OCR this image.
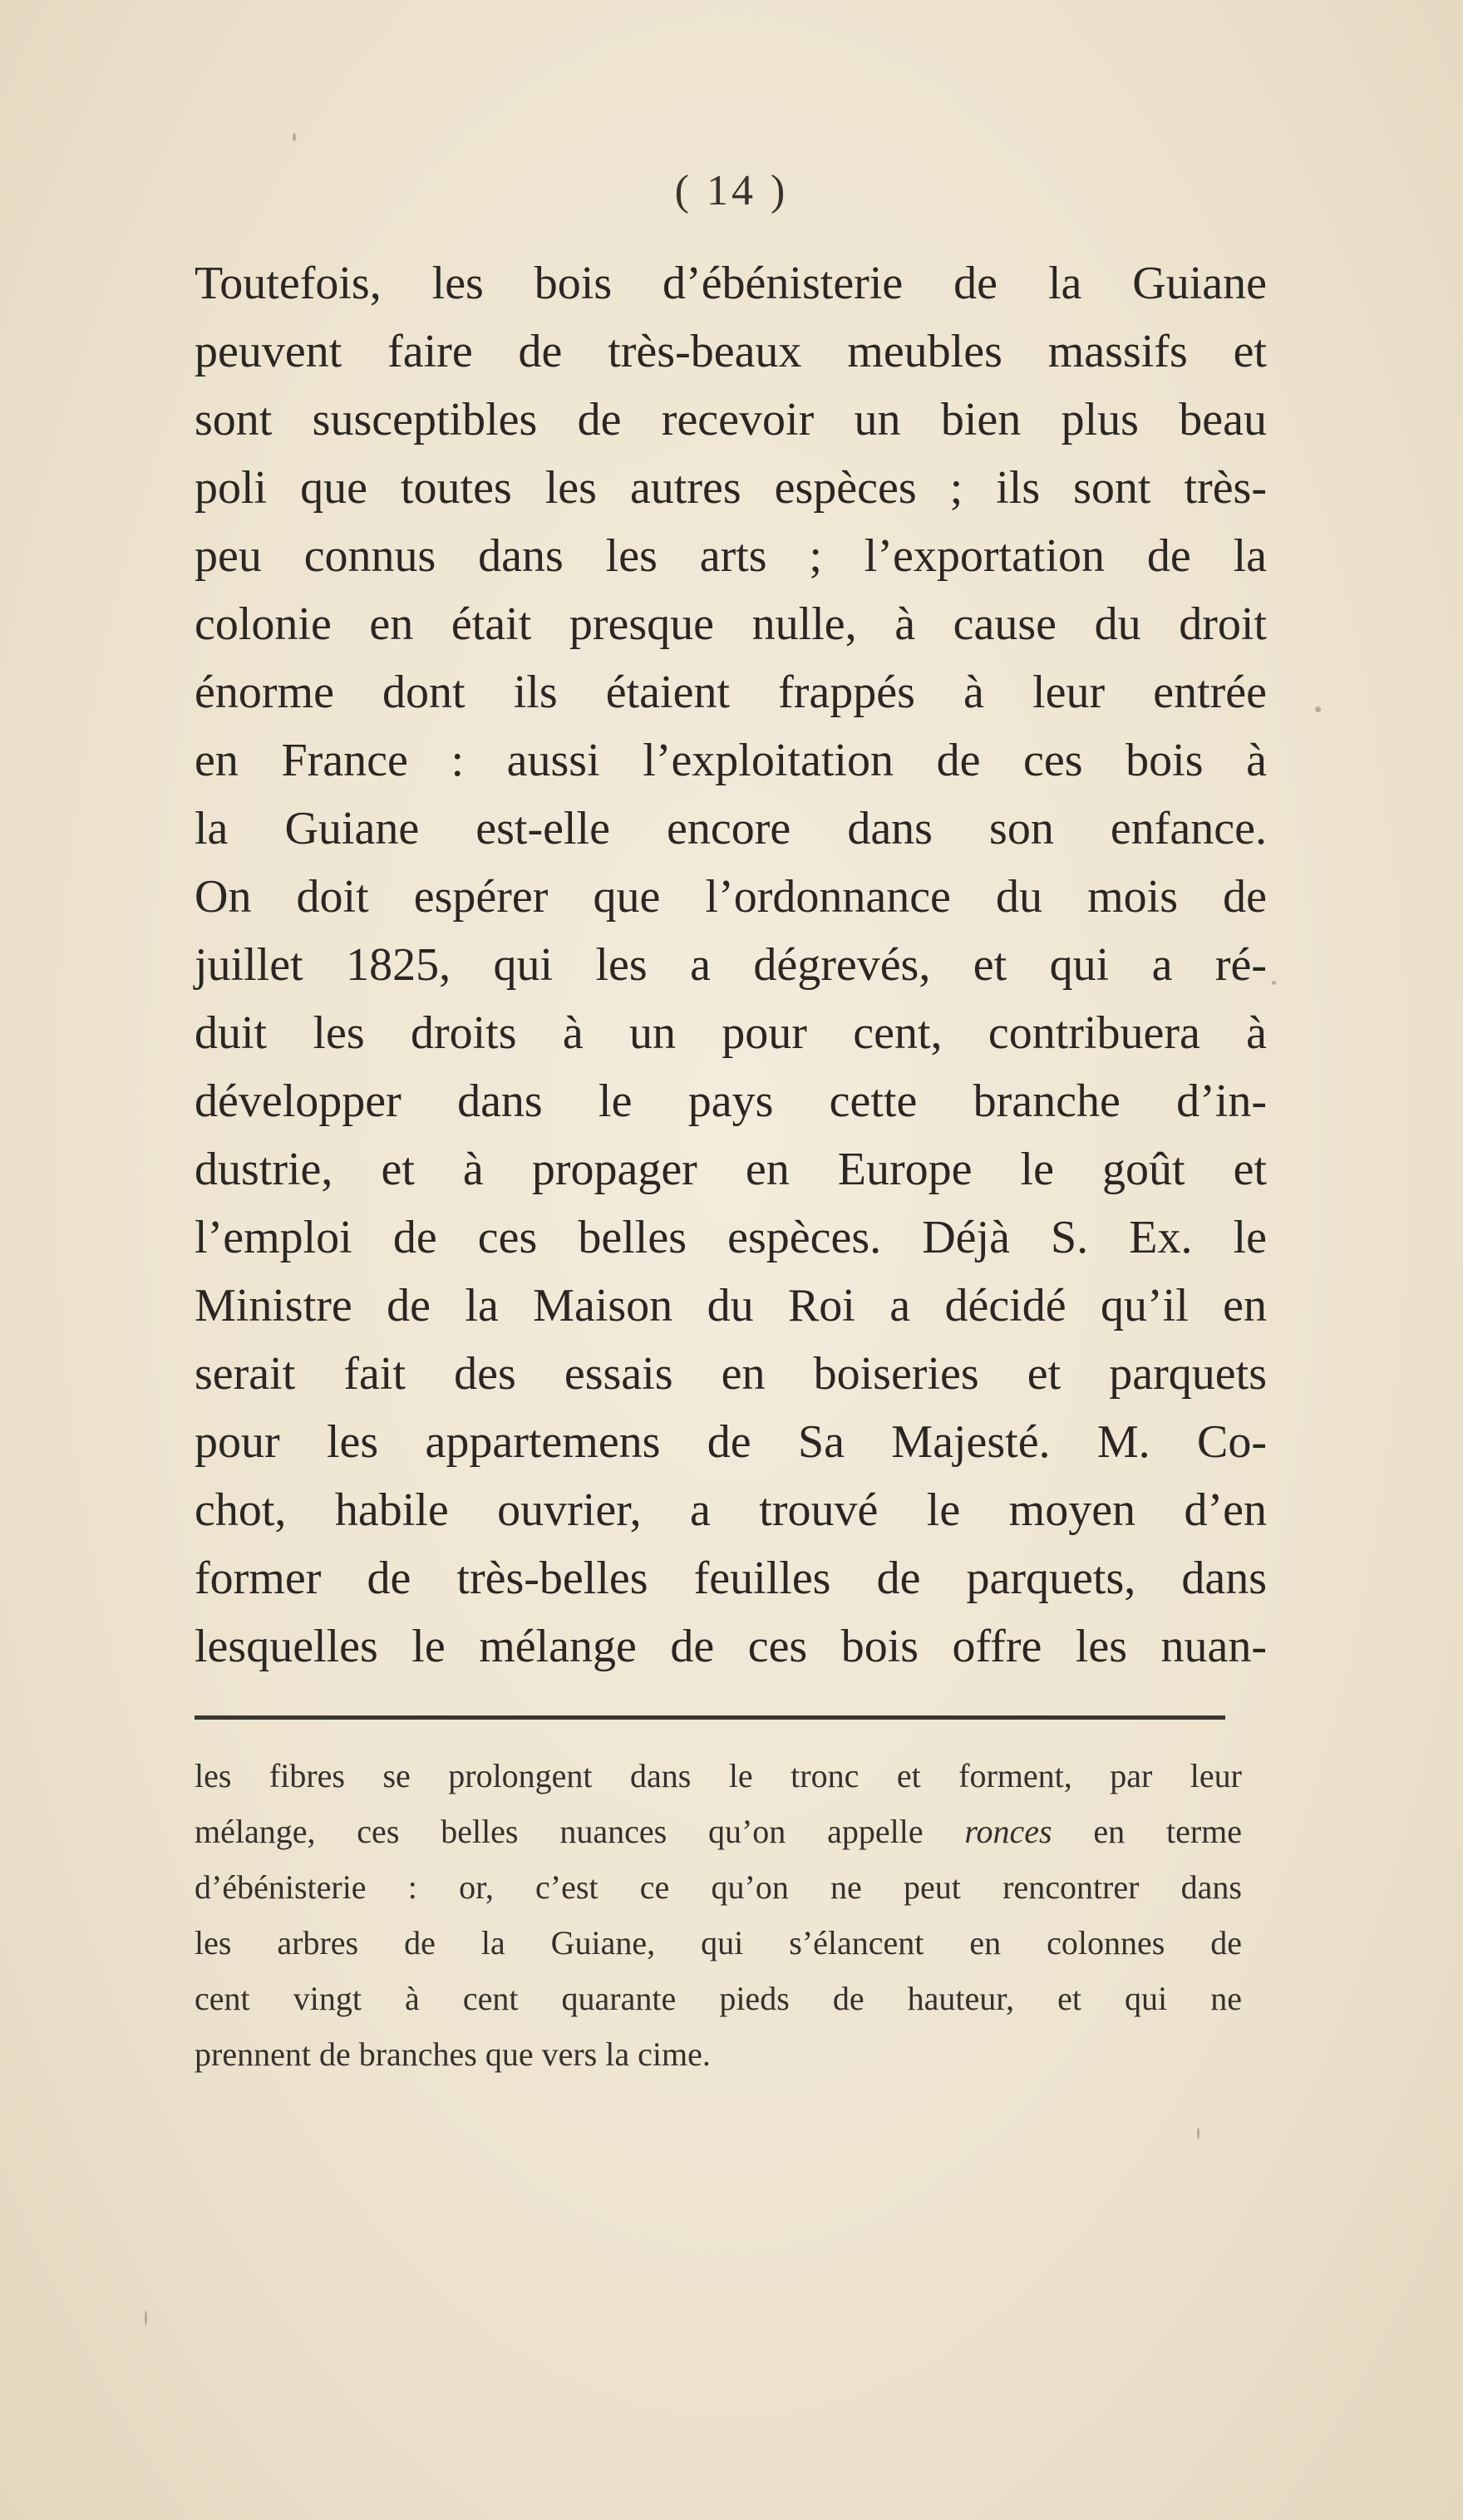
( 14 )
Toutefois, les bois d’ébénisterie de la Guiane
peuvent faire de très-beaux meubles massifs et
sont susceptibles de recevoir un bien plus beau
poli que toutes les autres espèces ; ils sont très-
peu connus dans les arts ; l’exportation de la
colonie en était presque nulle, à cause du droit
énorme dont ils étaient frappés à leur entrée
en France : aussi l’exploitation de ces bois à
la Guiane est-elle encore dans son enfance.
On doit espérer que l’ordonnance du mois de
juillet 1825, qui les a dégrevés, et qui a ré-
duit les droits à un pour cent, contribuera à
développer dans le pays cette branche d’in-
dustrie, et à propager en Europe le goût et
l’emploi de ces belles espèces. Déjà S. Ex. le
Ministre de la Maison du Roi a décidé qu’il en
serait fait des essais en boiseries et parquets
pour les appartemens de Sa Majesté. M. Co-
chot, habile ouvrier, a trouvé le moyen d’en
former de très-belles feuilles de parquets, dans
lesquelles le mélange de ces bois offre les nuan-
les fibres se prolongent dans le tronc et forment, par leur
mélange, ces belles nuances qu’on appelle ronces en terme
d’ébénisterie : or, c’est ce qu’on ne peut rencontrer dans
les arbres de la Guiane, qui s’élancent en colonnes de
cent vingt à cent quarante pieds de hauteur, et qui ne
prennent de branches que vers la cime.
